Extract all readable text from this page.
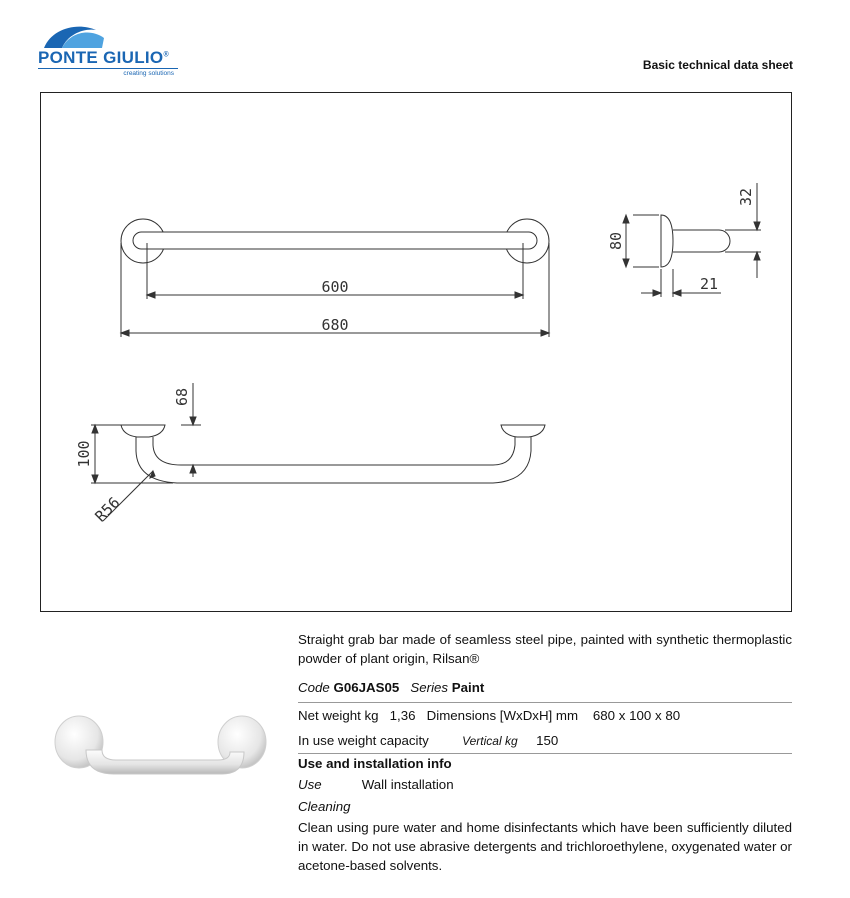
PONTE GIULIO®
creating solutions
Basic technical data sheet
600
680
80
32
21
100
68
R56

Straight grab bar made of seamless steel pipe, painted with synthetic thermoplastic powder of plant origin, Rilsan®

Code G06JAS05 Series Paint
Net weight kg 1,36 Dimensions [WxDxH] mm 680 x 100 x 80
In use weight capacity	Vertical kg 150
Use and installation info
Use	Wall installation
Cleaning

Clean using pure water and home disinfectants which have been sufficiently diluted in water. Do not use abrasive detergents and trichloroethylene, oxygenated water or acetone-based solvents.
